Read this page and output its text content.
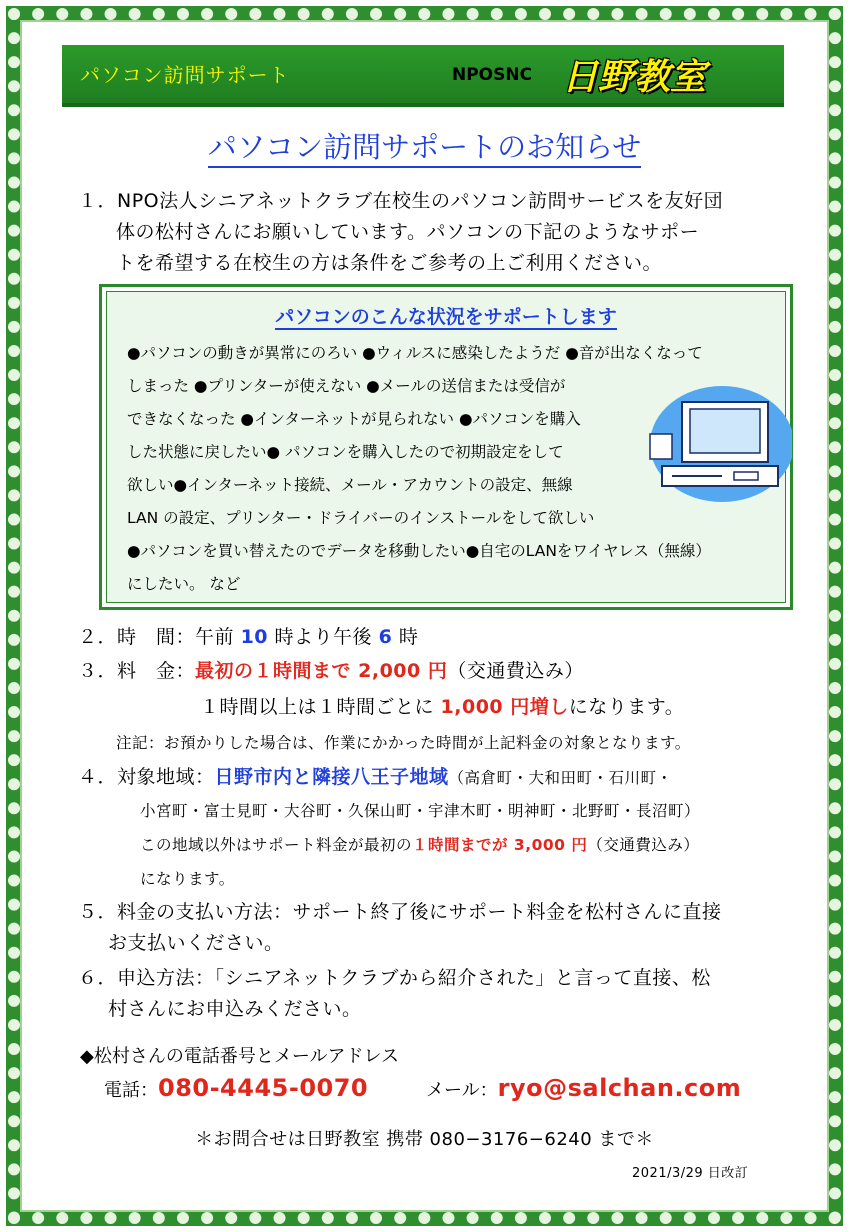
パソコン訪問サポート	NPOSNC 日野教室
パソコン訪問サポートのお知らせ
１．NPO法人シニアネットクラブ在校生のパソコン訪問サービスを友好団
体の松村さんにお願いしています。パソコンの下記のようなサポー
トを希望する在校生の方は条件をご参考の上ご利用ください。
パソコンのこんな状況をサポートします
●パソコンの動きが異常にのろい ●ウィルスに感染したようだ ●音が出なくなって
しまった ●プリンターが使えない ●メールの送信または受信が
できなくなった ●インターネットが見られない ●パソコンを購入
した状態に戻したい● パソコンを購入したので初期設定をして
欲しい●インターネット接続、メール・アカウントの設定、無線
LAN の設定、プリンター・ドライバーのインストールをして欲しい
●パソコンを買い替えたのでデータを移動したい●自宅のLANをワイヤレス（無線）
にしたい。 など
２．時　間：午前 10 時より午後 6 時
３．料　金：最初の１時間まで 2,000 円（交通費込み）
１時間以上は１時間ごとに 1,000 円増しになります。
注記：お預かりした場合は、作業にかかった時間が上記料金の対象となります。
４．対象地域：日野市内と隣接八王子地域（高倉町・大和田町・石川町・
小宮町・富士見町・大谷町・久保山町・宇津木町・明神町・北野町・長沼町）
この地域以外はサポート料金が最初の１時間までが 3,000 円（交通費込み）
になります。
５．料金の支払い方法：サポート終了後にサポート料金を松村さんに直接
お支払いください。
６．申込方法：「シニアネットクラブから紹介された」と言って直接、松
村さんにお申込みください。
◆松村さんの電話番号とメールアドレス
電話：080-4445-0070	メール：ryo@salchan.com
＊お問合せは日野教室 携帯 080−3176−6240 まで＊
2021/3/29 日改訂
